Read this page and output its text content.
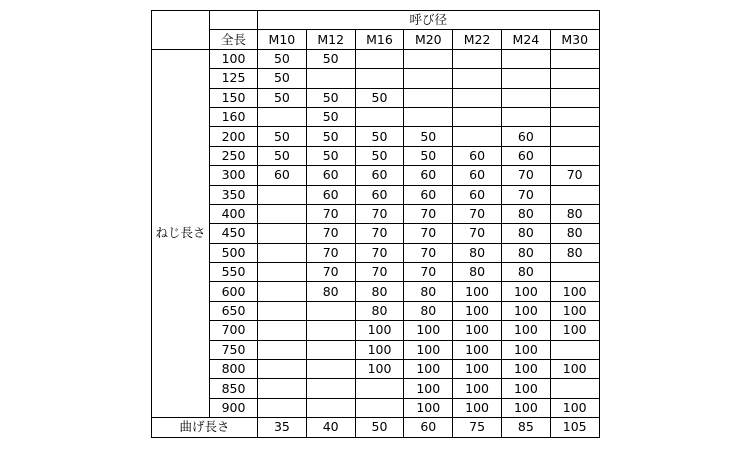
		呼び径						
	全長	M10	M12	M16	M20	M22	M24	M30
ねじ長さ	100	50	50					
	125	50						
	150	50	50	50				
	160		50					
	200	50	50	50	50		60	
	250	50	50	50	50	60	60	
	300	60	60	60	60	60	70	70
	350		60	60	60	60	70	
	400		70	70	70	70	80	80
	450		70	70	70	70	80	80
	500		70	70	70	80	80	80
	550		70	70	70	80	80	
	600		80	80	80	100	100	100
	650			80	80	100	100	100
	700			100	100	100	100	100
	750			100	100	100	100	
	800			100	100	100	100	100
	850				100	100	100	
	900				100	100	100	100
曲げ長さ		35	40	50	60	75	85	105
